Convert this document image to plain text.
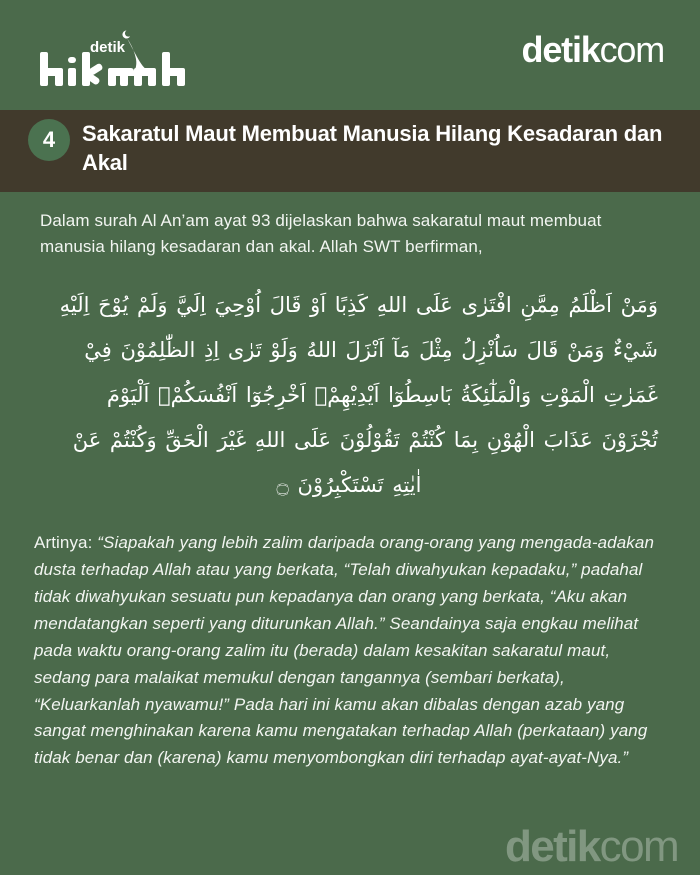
detik	detikcom
4	Sakaratul Maut Membuat Manusia Hilang Kesadaran dan Akal

Dalam surah Al An’am ayat 93 dijelaskan bahwa sakaratul maut membuat manusia hilang kesadaran dan akal. Allah SWT berfirman,

وَمَنْ اَظْلَمُ مِمَّنِ افْتَرٰى عَلَى اللهِ كَذِبًا اَوْ قَالَ اُوْحِيَ اِلَيَّ وَلَمْ يُوْحَ اِلَيْهِ
شَيْءٌ وَمَنْ قَالَ سَاُنْزِلُ مِثْلَ مَآ اَنْزَلَ اللهُ وَلَوْ تَرٰى اِذِ الظّٰلِمُوْنَ فِيْ
غَمَرٰتِ الْمَوْتِ وَالْمَلٰٓئِكَةُ بَاسِطُوٓا اَيْدِيْهِمْۚ اَخْرِجُوٓا اَنْفُسَكُمْۗ اَلْيَوْمَ
تُجْزَوْنَ عَذَابَ الْهُوْنِ بِمَا كُنْتُمْ تَقُوْلُوْنَ عَلَى اللهِ غَيْرَ الْحَقِّ وَكُنْتُمْ عَنْ
اٰيٰتِهِ تَسْتَكْبِرُوْنَ ۝

Artinya: “Siapakah yang lebih zalim daripada orang-orang yang mengada-adakan dusta terhadap Allah atau yang berkata, “Telah diwahyukan kepadaku,” padahal tidak diwahyukan sesuatu pun kepadanya dan orang yang berkata, “Aku akan mendatangkan seperti yang diturunkan Allah.” Seandainya saja engkau melihat pada waktu orang-orang zalim itu (berada) dalam kesakitan sakaratul maut, sedang para malaikat memukul dengan tangannya (sembari berkata), “Keluarkanlah nyawamu!” Pada hari ini kamu akan dibalas dengan azab yang sangat menghinakan karena kamu mengatakan terhadap Allah (perkataan) yang tidak benar dan (karena) kamu menyombongkan diri terhadap ayat-ayat-Nya.”

detikcom
